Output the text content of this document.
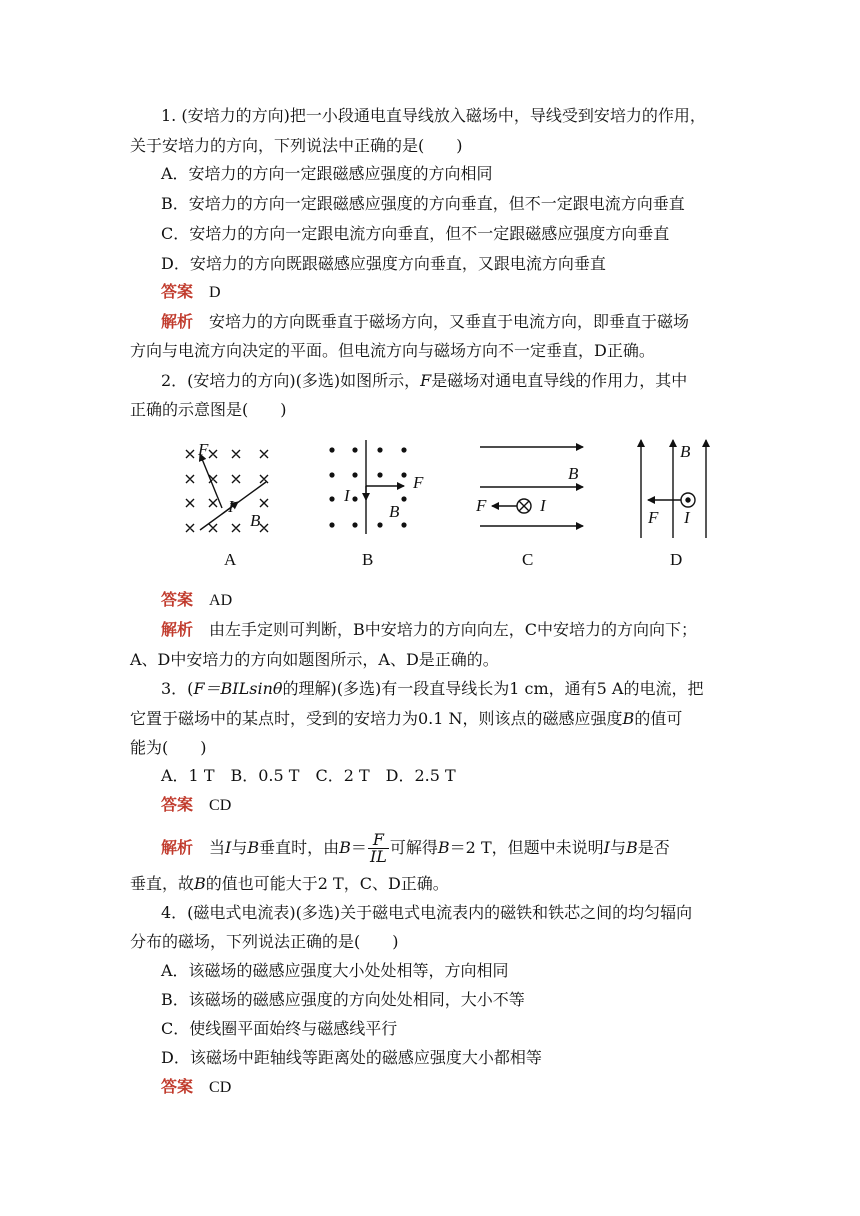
1. (安培力的方向)把一小段通电直导线放入磁场中，导线受到安培力的作用，
关于安培力的方向，下列说法中正确的是(　　)
A．安培力的方向一定跟磁感应强度的方向相同
B．安培力的方向一定跟磁感应强度的方向垂直，但不一定跟电流方向垂直
C．安培力的方向一定跟电流方向垂直，但不一定跟磁感应强度方向垂直
D．安培力的方向既跟磁感应强度方向垂直，又跟电流方向垂直
答案 D
解析 安培力的方向既垂直于磁场方向，又垂直于电流方向，即垂直于磁场
方向与电流方向决定的平面。但电流方向与磁场方向不一定垂直，D正确。
2．(安培力的方向)(多选)如图所示，F是磁场对通电直导线的作用力，其中
正确的示意图是(　　)
F
I
B
A
F
I
B
B
B
F	I
C
B
F I
D
答案 AD
解析 由左手定则可判断，B中安培力的方向向左，C中安培力的方向向下；
A、D中安培力的方向如题图所示，A、D是正确的。
3．(F＝BILsinθ的理解)(多选)有一段直导线长为1 cm，通有5 A的电流，把
它置于磁场中的某点时，受到的安培力为0.1 N，则该点的磁感应强度B的值可
能为(　　)
A．1 T　B．0.5 T　C．2 T　D．2.5 T
答案 CD
解析 当I与B垂直时，由$B= \frac{F}{IL}$ 可解得B＝2 T，但题中未说明I与B是否
垂直，故B的值也可能大于2 T，C、D正确。
4．(磁电式电流表)(多选)关于磁电式电流表内的磁铁和铁芯之间的均匀辐向
分布的磁场，下列说法正确的是(　　)
A．该磁场的磁感应强度大小处处相等，方向相同
B．该磁场的磁感应强度的方向处处相同，大小不等
C．使线圈平面始终与磁感线平行
D．该磁场中距轴线等距离处的磁感应强度大小都相等
答案 CD
